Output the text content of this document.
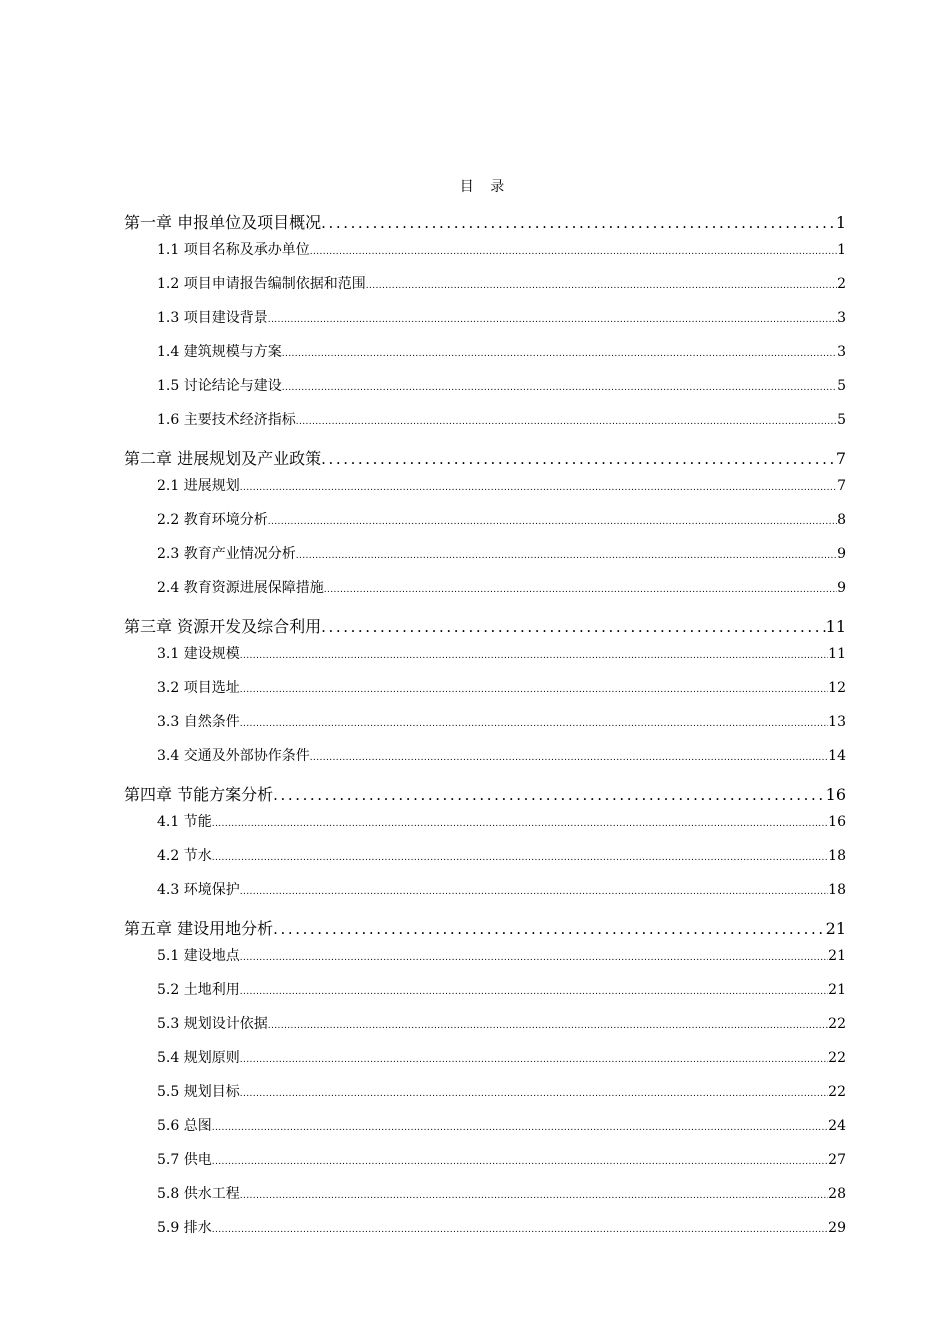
目 录
第一章 申报单位及项目概况 .....	1
1.1 项目名称及承办单位 .....	1
1.2 项目申请报告编制依据和范围 .....	2
1.3 项目建设背景 .....	3
1.4 建筑规模与方案 .....	3
1.5 讨论结论与建设 .....	5
1.6 主要技术经济指标 .....	5
第二章 进展规划及产业政策 .....	7
2.1 进展规划 .....	7
2.2 教育环境分析 .....	8
2.3 教育产业情况分析 .....	9
2.4 教育资源进展保障措施 .....	9
第三章 资源开发及综合利用 .....	11
3.1 建设规模 .....	11
3.2 项目选址 .....	12
3.3 自然条件 .....	13
3.4 交通及外部协作条件 .....	14
第四章 节能方案分析 .....	16
4.1 节能 .....	16
4.2 节水 .....	18
4.3 环境保护 .....	18
第五章 建设用地分析 .....	21
5.1 建设地点 .....	21
5.2 土地利用 .....	21
5.3 规划设计依据 .....	22
5.4 规划原则 .....	22
5.5 规划目标 .....	22
5.6 总图 .....	24
5.7 供电 .....	27
5.8 供水工程 .....	28
5.9 排水 .....	29
